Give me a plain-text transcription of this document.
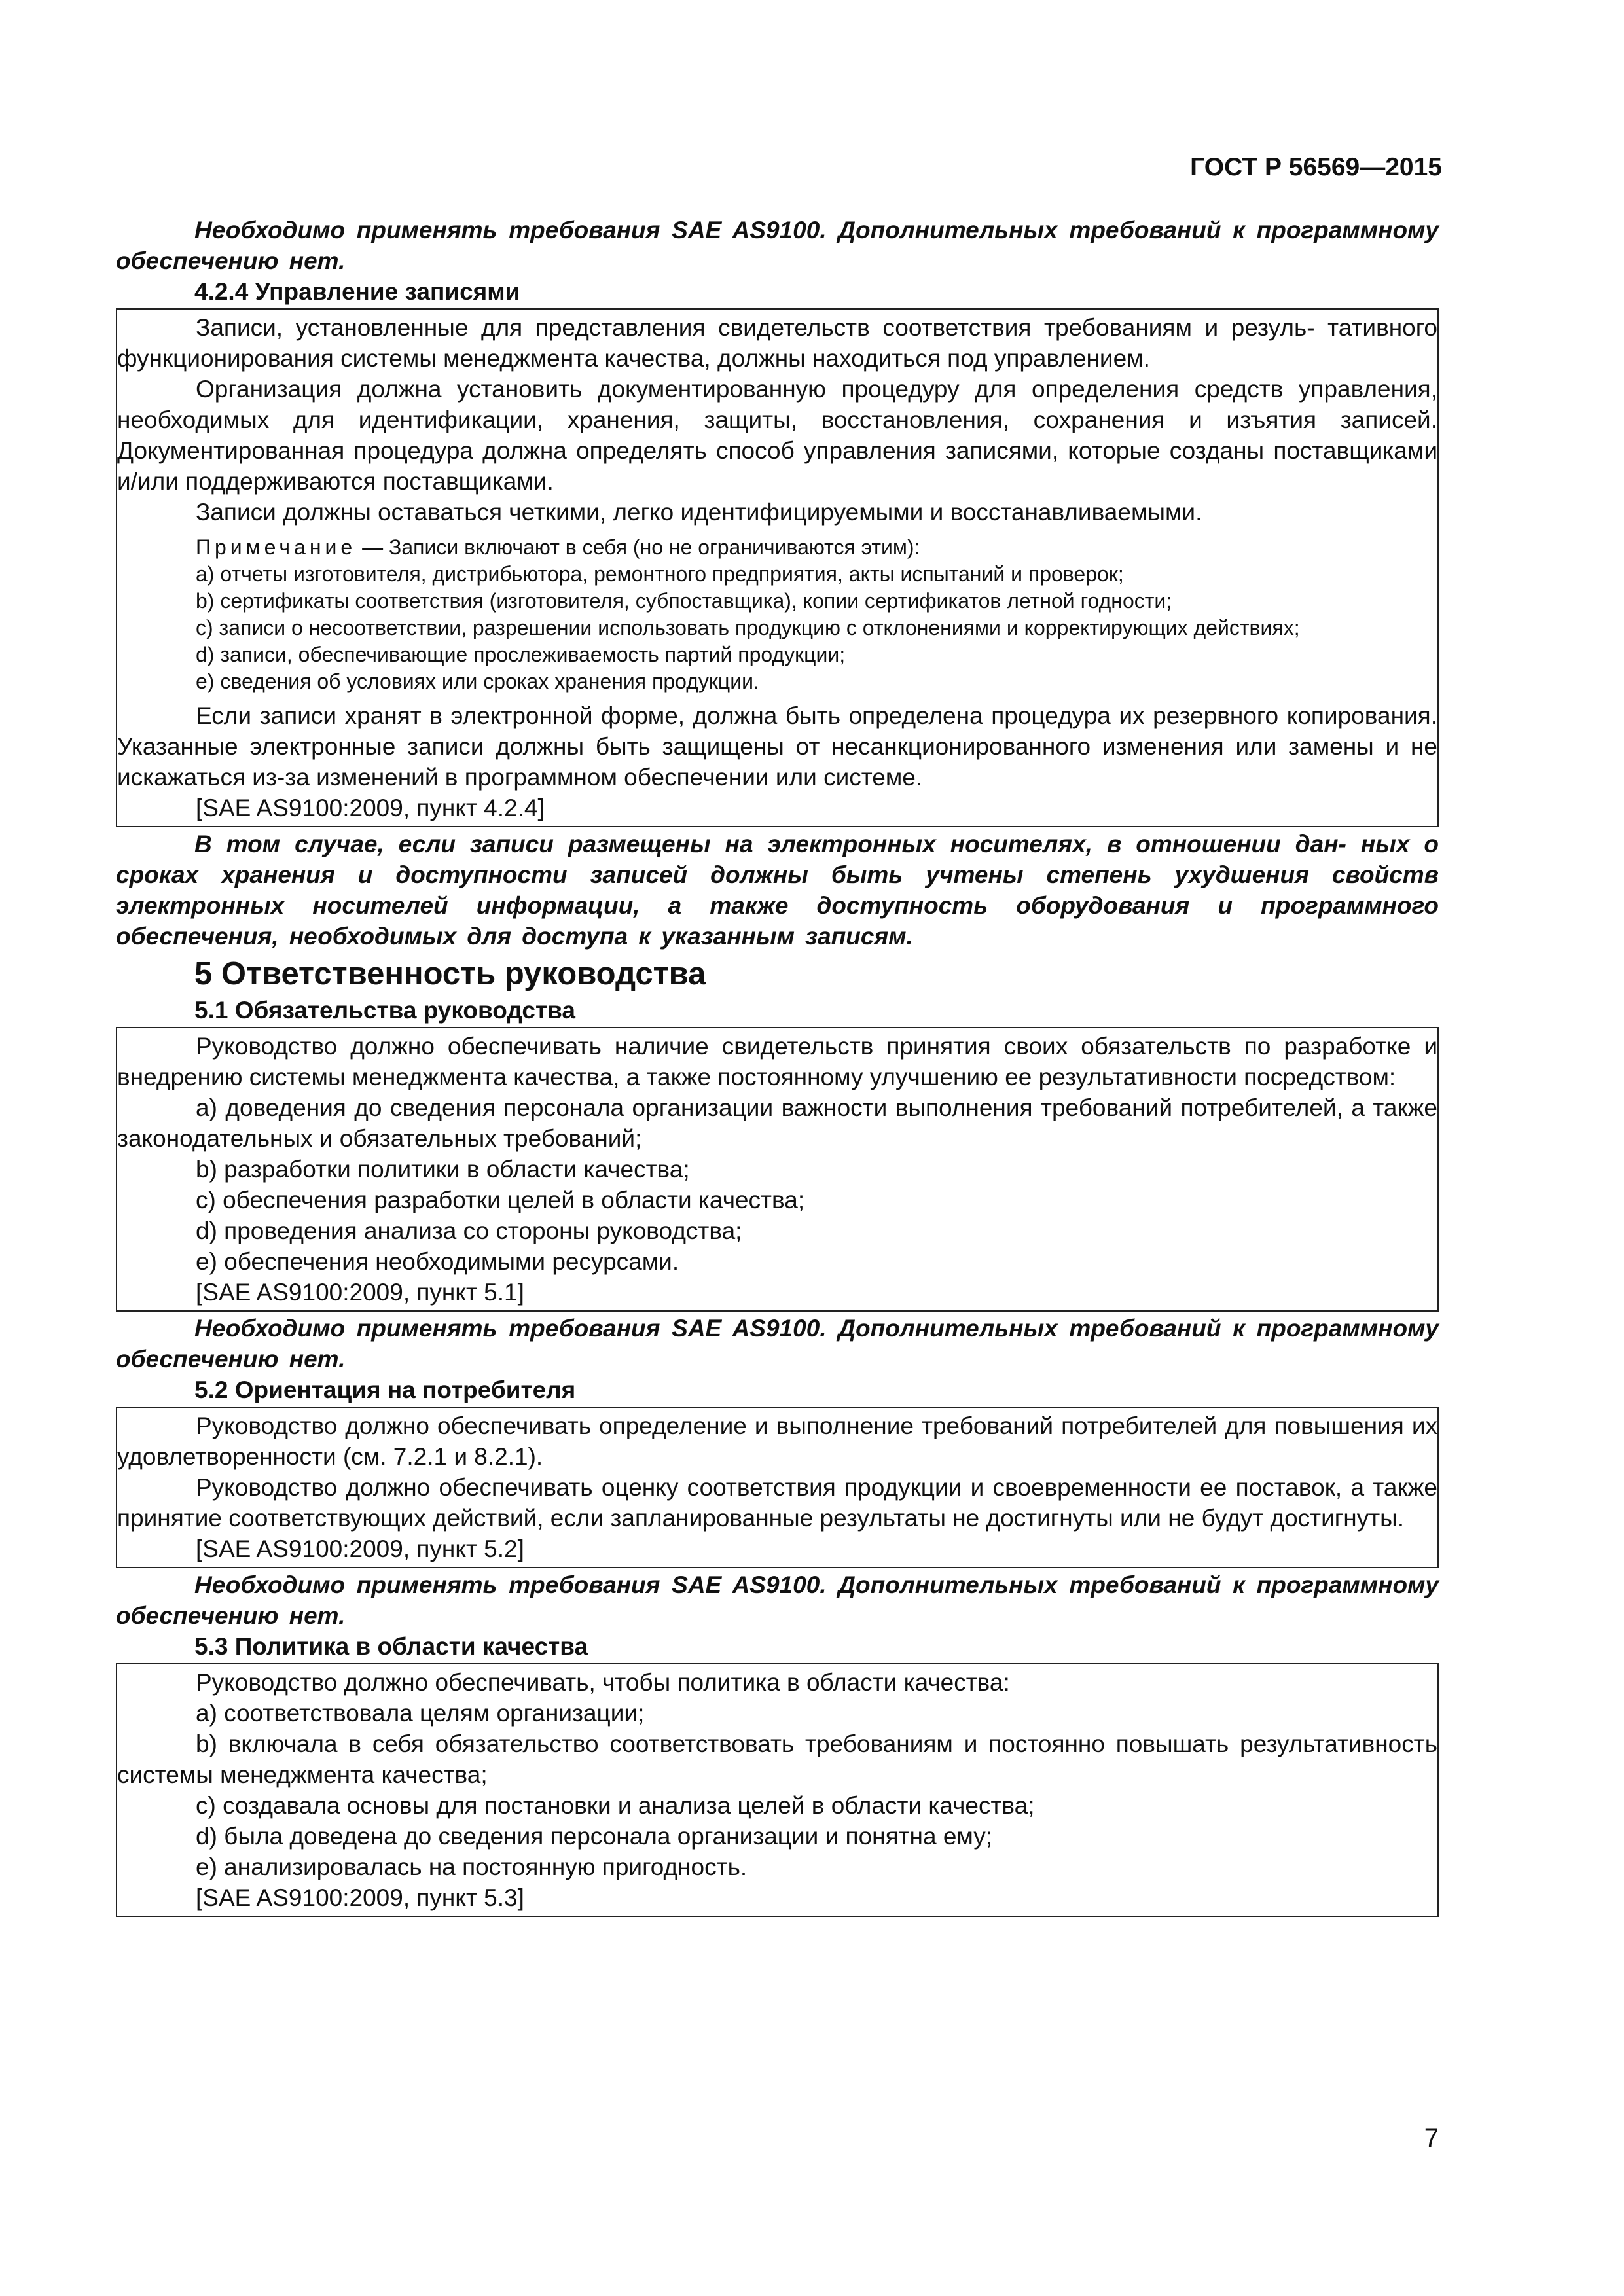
ГОСТ Р 56569—2015

Необходимо применять требования SAE AS9100. Дополнительных требований к программному обеспечению нет.

4.2.4 Управление записями

Записи, установленные для представления свидетельств соответствия требованиям и резуль- тативного функционирования системы менеджмента качества, должны находиться под управлением.

Организация должна установить документированную процедуру для определения средств управления, необходимых для идентификации, хранения, защиты, восстановления, сохранения и изъятия записей. Документированная процедура должна определять способ управления записями, которые созданы поставщиками и/или поддерживаются поставщиками.

Записи должны оставаться четкими, легко идентифицируемыми и восстанавливаемыми.

Примечание — Записи включают в себя (но не ограничиваются этим):

a) отчеты изготовителя, дистрибьютора, ремонтного предприятия, акты испытаний и проверок;

b) сертификаты соответствия (изготовителя, субпоставщика), копии сертификатов летной годности;

c) записи о несоответствии, разрешении использовать продукцию с отклонениями и корректирующих действиях;

d) записи, обеспечивающие прослеживаемость партий продукции;

e) сведения об условиях или сроках хранения продукции.

Если записи хранят в электронной форме, должна быть определена процедура их резервного копирования. Указанные электронные записи должны быть защищены от несанкционированного изменения или замены и не искажаться из-за изменений в программном обеспечении или системе.

[SAE AS9100:2009, пункт 4.2.4]

В том случае, если записи размещены на электронных носителях, в отношении дан- ных о сроках хранения и доступности записей должны быть учтены степень ухудшения свойств электронных носителей информации, а также доступность оборудования и программного обеспечения, необходимых для доступа к указанным записям.

5 Ответственность руководства

5.1 Обязательства руководства

Руководство должно обеспечивать наличие свидетельств принятия своих обязательств по разработке и внедрению системы менеджмента качества, а также постоянному улучшению ее результативности посредством:

a) доведения до сведения персонала организации важности выполнения требований потребителей, а также законодательных и обязательных требований;

b) разработки политики в области качества;

c) обеспечения разработки целей в области качества;

d) проведения анализа со стороны руководства;

e) обеспечения необходимыми ресурсами.

[SAE AS9100:2009, пункт 5.1]

Необходимо применять требования SAE AS9100. Дополнительных требований к программному обеспечению нет.

5.2 Ориентация на потребителя

Руководство должно обеспечивать определение и выполнение требований потребителей для повышения их удовлетворенности (см. 7.2.1 и 8.2.1).

Руководство должно обеспечивать оценку соответствия продукции и своевременности ее поставок, а также принятие соответствующих действий, если запланированные результаты не достигнуты или не будут достигнуты.

[SAE AS9100:2009, пункт 5.2]

Необходимо применять требования SAE AS9100. Дополнительных требований к программному обеспечению нет.

5.3 Политика в области качества

Руководство должно обеспечивать, чтобы политика в области качества:

a) соответствовала целям организации;

b) включала в себя обязательство соответствовать требованиям и постоянно повышать результативность системы менеджмента качества;

c) создавала основы для постановки и анализа целей в области качества;

d) была доведена до сведения персонала организации и понятна ему;

e) анализировалась на постоянную пригодность.

[SAE AS9100:2009, пункт 5.3]

7
